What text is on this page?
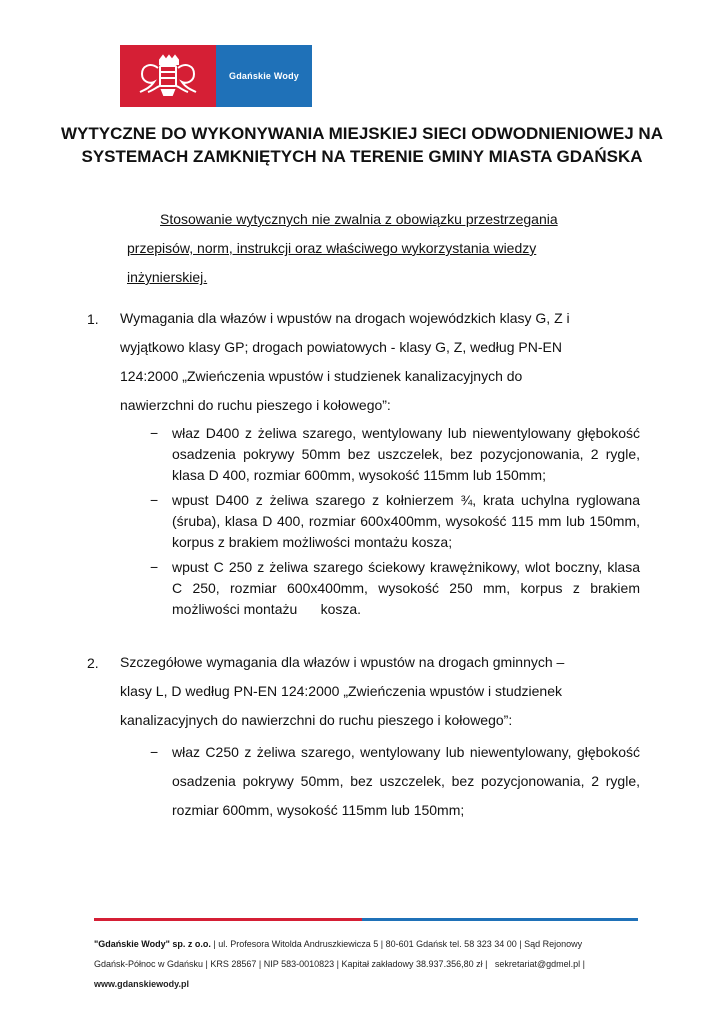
Gdańskie Wody
WYTYCZNE DO WYKONYWANIA MIEJSKIEJ SIECI ODWODNIENIOWEJ NA SYSTEMACH ZAMKNIĘTYCH NA TERENIE GMINY MIASTA GDAŃSKA
Stosowanie wytycznych nie zwalnia z obowiązku przestrzegania
przepisów, norm, instrukcji oraz właściwego wykorzystania wiedzy
inżynierskiej.
1. Wymagania dla włazów i wpustów na drogach wojewódzkich klasy G, Z i
wyjątkowo klasy GP; drogach powiatowych - klasy G, Z, według PN-EN
124:2000 „Zwieńczenia wpustów i studzienek kanalizacyjnych do
nawierzchni do ruchu pieszego i kołowego”:
− właz D400 z żeliwa szarego, wentylowany lub niewentylowany głębokość osadzenia pokrywy 50mm bez uszczelek, bez pozycjonowania, 2 rygle, klasa D 400, rozmiar 600mm, wysokość 115mm lub 150mm;
− wpust D400 z żeliwa szarego z kołnierzem ¾, krata uchylna ryglowana (śruba), klasa D 400, rozmiar 600x400mm, wysokość 115 mm lub 150mm, korpus z brakiem możliwości montażu kosza;
− wpust C 250 z żeliwa szarego ściekowy krawężnikowy, wlot boczny, klasa C 250, rozmiar 600x400mm, wysokość 250 mm, korpus z brakiem możliwości montażu      kosza.
2. Szczegółowe wymagania dla włazów i wpustów na drogach gminnych –
klasy L, D według PN-EN 124:2000 „Zwieńczenia wpustów i studzienek
kanalizacyjnych do nawierzchni do ruchu pieszego i kołowego”:
− właz C250 z żeliwa szarego, wentylowany lub niewentylowany, głębokość osadzenia pokrywy 50mm, bez uszczelek, bez pozycjonowania, 2 rygle, rozmiar 600mm, wysokość 115mm lub 150mm;
"Gdańskie Wody" sp. z o.o. | ul. Profesora Witolda Andruszkiewicza 5 | 80-601 Gdańsk tel. 58 323 34 00 | Sąd Rejonowy
Gdańsk-Północ w Gdańsku | KRS 28567 | NIP 583-0010823 | Kapitał zakładowy 38.937.356,80 zł |   sekretariat@gdmel.pl |
www.gdanskiewody.pl
